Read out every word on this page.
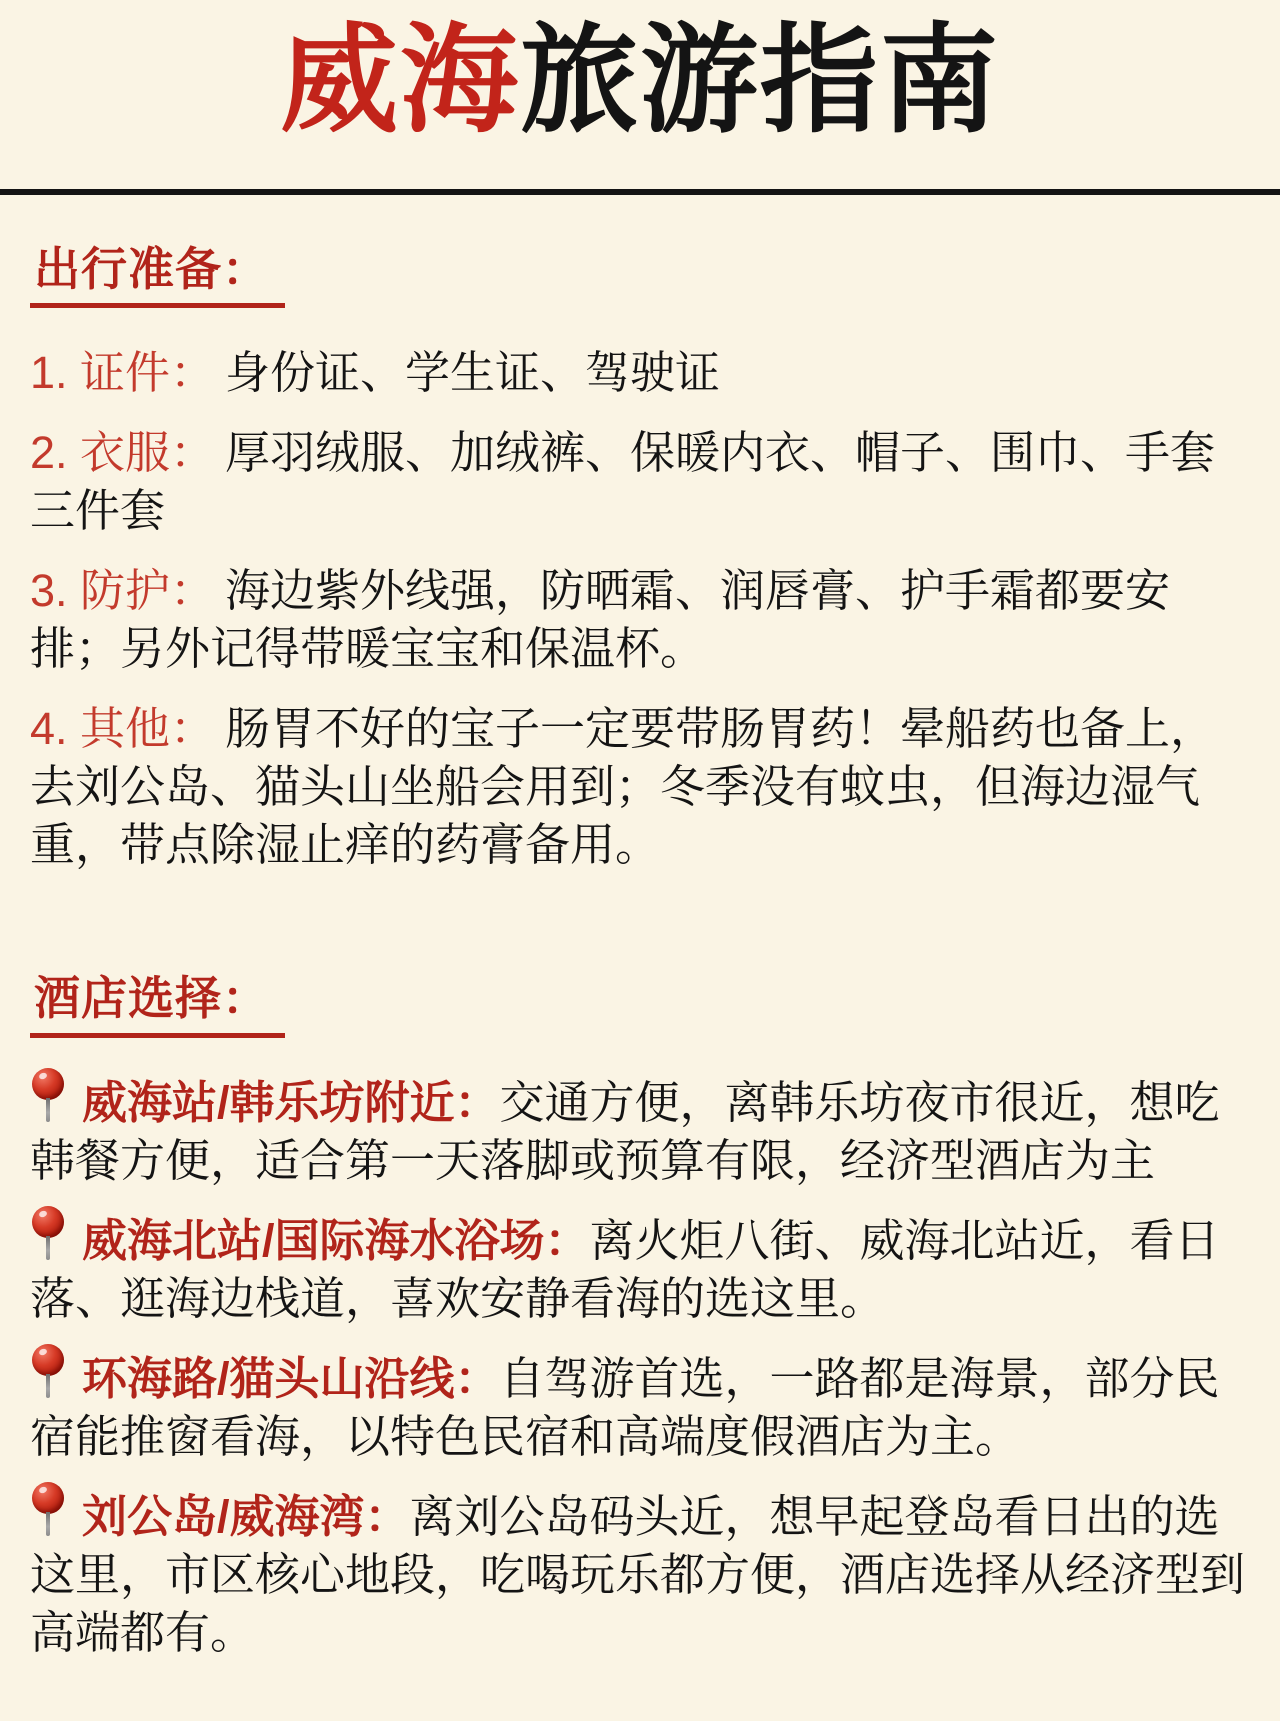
威海旅游指南
出行准备：

1. 证件： 身份证、学生证、驾驶证

2. 衣服： 厚羽绒服、加绒裤、保暖内衣、帽子、围巾、手套三件套

3. 防护： 海边紫外线强，防晒霜、润唇膏、护手霜都要安排；另外记得带暖宝宝和保温杯。

4. 其他： 肠胃不好的宝子一定要带肠胃药！晕船药也备上，去刘公岛、猫头山坐船会用到；冬季没有蚊虫，但海边湿气重，带点除湿止痒的药膏备用。

酒店选择：

威海站/韩乐坊附近：交通方便，离韩乐坊夜市很近，想吃韩餐方便，适合第一天落脚或预算有限，经济型酒店为主

威海北站/国际海水浴场：离火炬八街、威海北站近，看日落、逛海边栈道，喜欢安静看海的选这里。

环海路/猫头山沿线：自驾游首选，一路都是海景，部分民宿能推窗看海，以特色民宿和高端度假酒店为主。

刘公岛/威海湾：离刘公岛码头近，想早起登岛看日出的选这里，市区核心地段，吃喝玩乐都方便，酒店选择从经济型到高端都有。
